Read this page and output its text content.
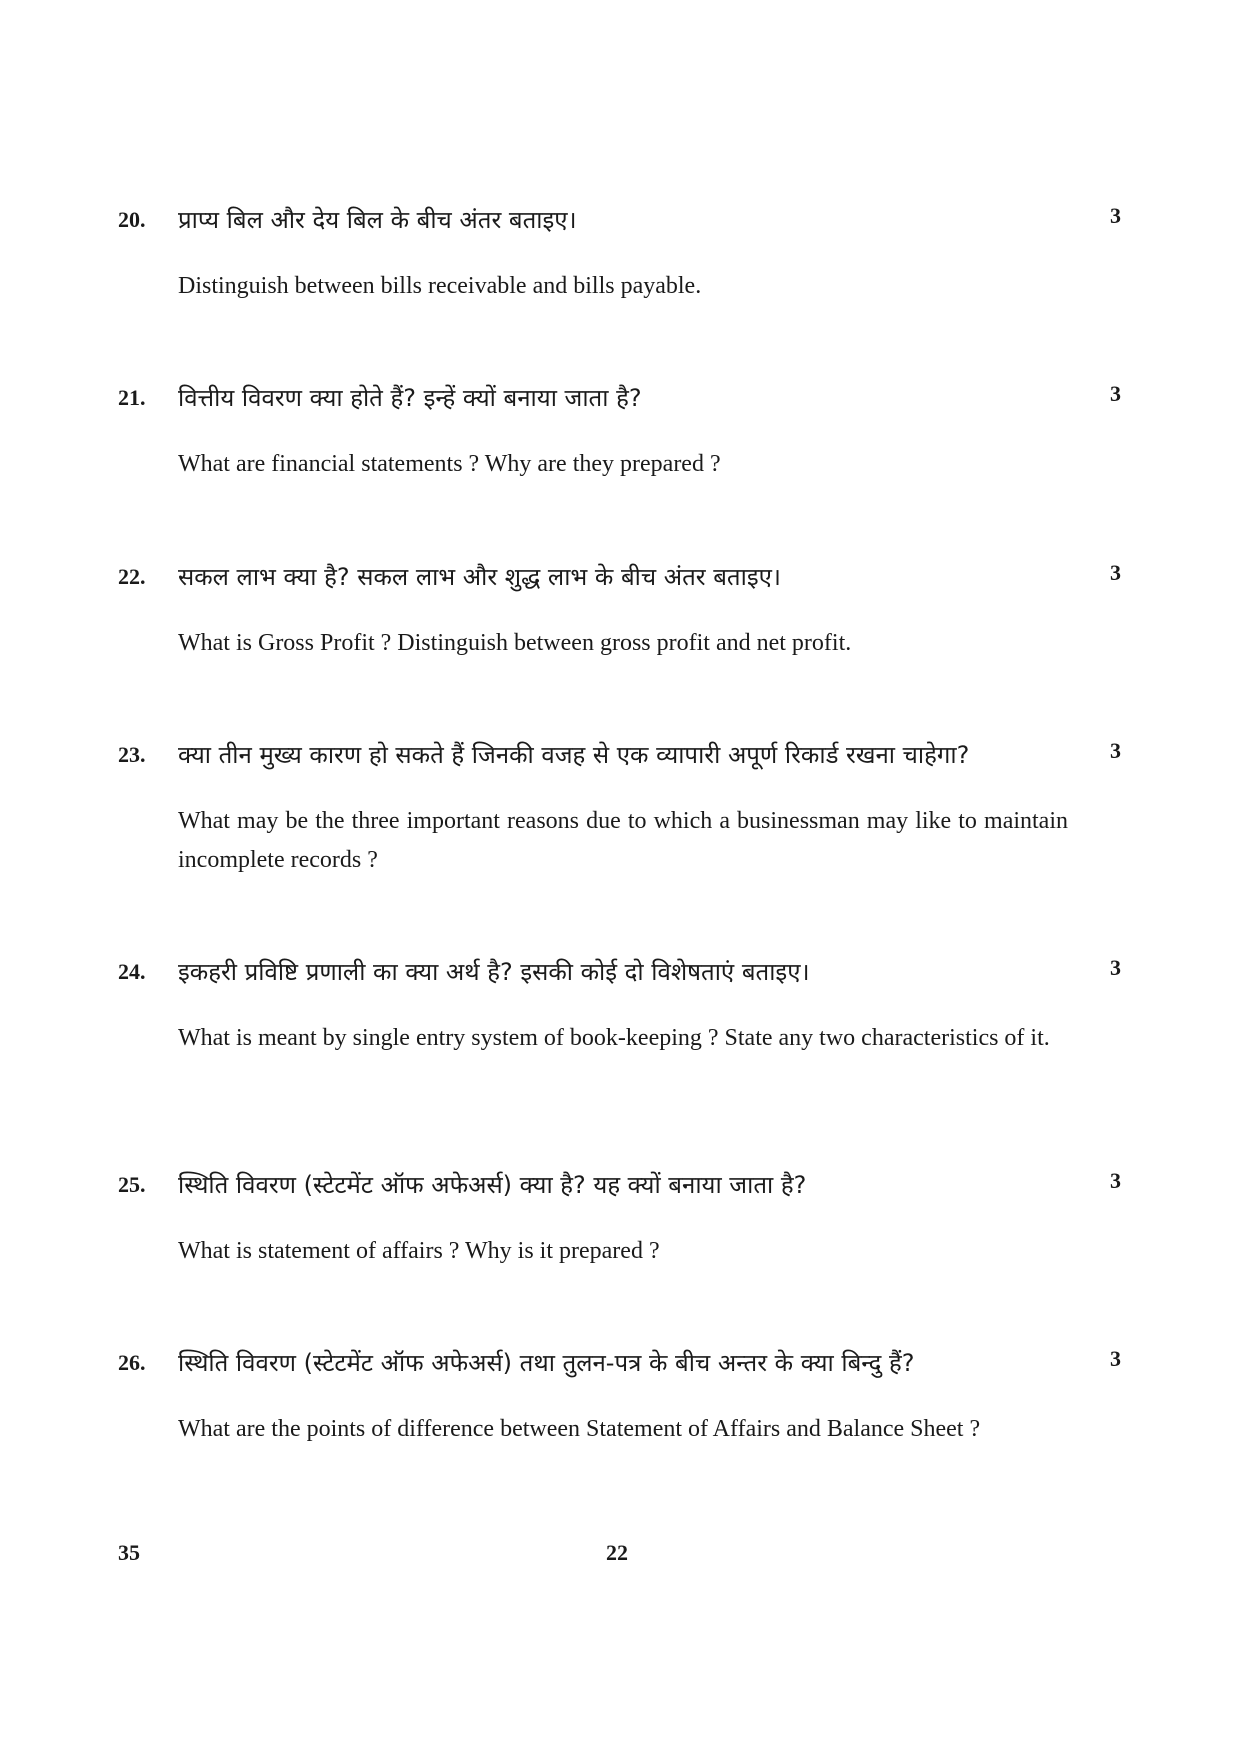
20. प्राप्य बिल और देय बिल के बीच अंतर बताइए।	3
Distinguish between bills receivable and bills payable.
21. वित्तीय विवरण क्या होते हैं? इन्हें क्यों बनाया जाता है?	3
What are financial statements ? Why are they prepared ?
22. सकल लाभ क्या है? सकल लाभ और शुद्ध लाभ के बीच अंतर बताइए।	3
What is Gross Profit ? Distinguish between gross profit and net profit.
23. क्या तीन मुख्य कारण हो सकते हैं जिनकी वजह से एक व्यापारी अपूर्ण रिकार्ड रखना चाहेगा?	3
What may be the three important reasons due to which a businessman may like to maintain incomplete records ?
24. इकहरी प्रविष्टि प्रणाली का क्या अर्थ है? इसकी कोई दो विशेषताएं बताइए।	3
What is meant by single entry system of book-keeping ? State any two characteristics of it.
25. स्थिति विवरण (स्टेटमेंट ऑफ अफेअर्स) क्या है? यह क्यों बनाया जाता है?	3
What is statement of affairs ? Why is it prepared ?
26. स्थिति विवरण (स्टेटमेंट ऑफ अफेअर्स) तथा तुलन-पत्र के बीच अन्तर के क्या बिन्दु हैं?	3
What are the points of difference between Statement of Affairs and Balance Sheet ?
35	22
